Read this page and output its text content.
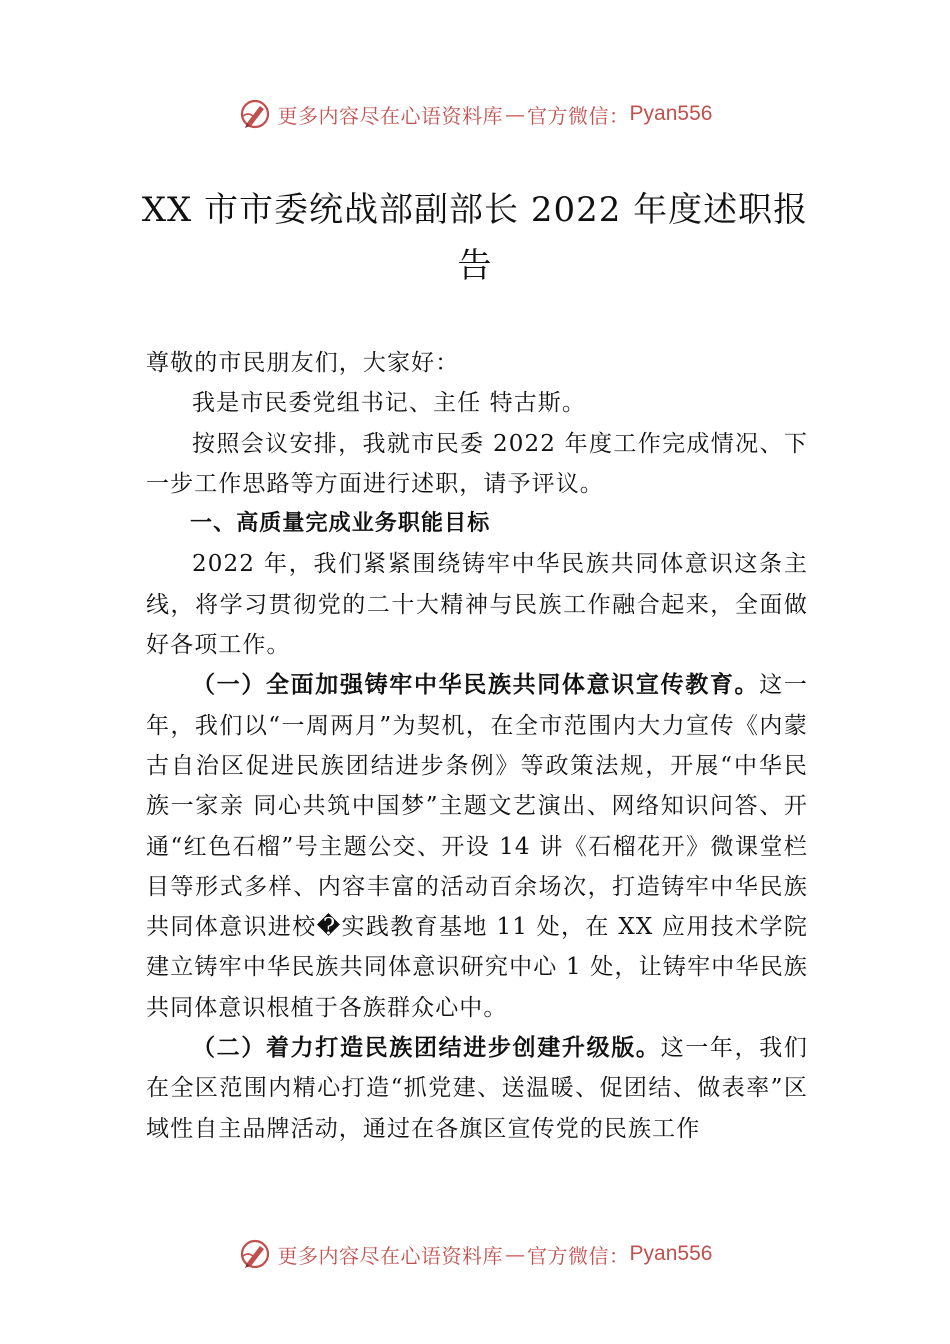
更多内容尽在心语资料库 — 官方微信： Pyan556
XX 市市委统战部副部长 2022 年度述职报告

尊敬的市民朋友们，大家好：

我是市民委党组书记、主任 特古斯。

按照会议安排，我就市民委 2022 年度工作完成情况、下一步工作思路等方面进行述职，请予评议。

一、高质量完成业务职能目标

2022 年，我们紧紧围绕铸牢中华民族共同体意识这条主线，将学习贯彻党的二十大精神与民族工作融合起来，全面做好各项工作。

（一）全面加强铸牢中华民族共同体意识宣传教育。这一年，我们以“一周两月”为契机，在全市范围内大力宣传《内蒙古自治区促进民族团结进步条例》等政策法规，开展“中华民族一家亲 同心共筑中国梦”主题文艺演出、网络知识问答、开通“红色石榴”号主题公交、开设 14 讲《石榴花开》微课堂栏目等形式多样、内容丰富的活动百余场次，打造铸牢中华民族共同体意识进校�实践教育基地 11 处，在 XX 应用技术学院建立铸牢中华民族共同体意识研究中心 1 处，让铸牢中华民族共同体意识根植于各族群众心中。

（二）着力打造民族团结进步创建升级版。这一年，我们在全区范围内精心打造“抓党建、送温暖、促团结、做表率”区域性自主品牌活动，通过在各旗区宣传党的民族工作

更多内容尽在心语资料库 — 官方微信： Pyan556
